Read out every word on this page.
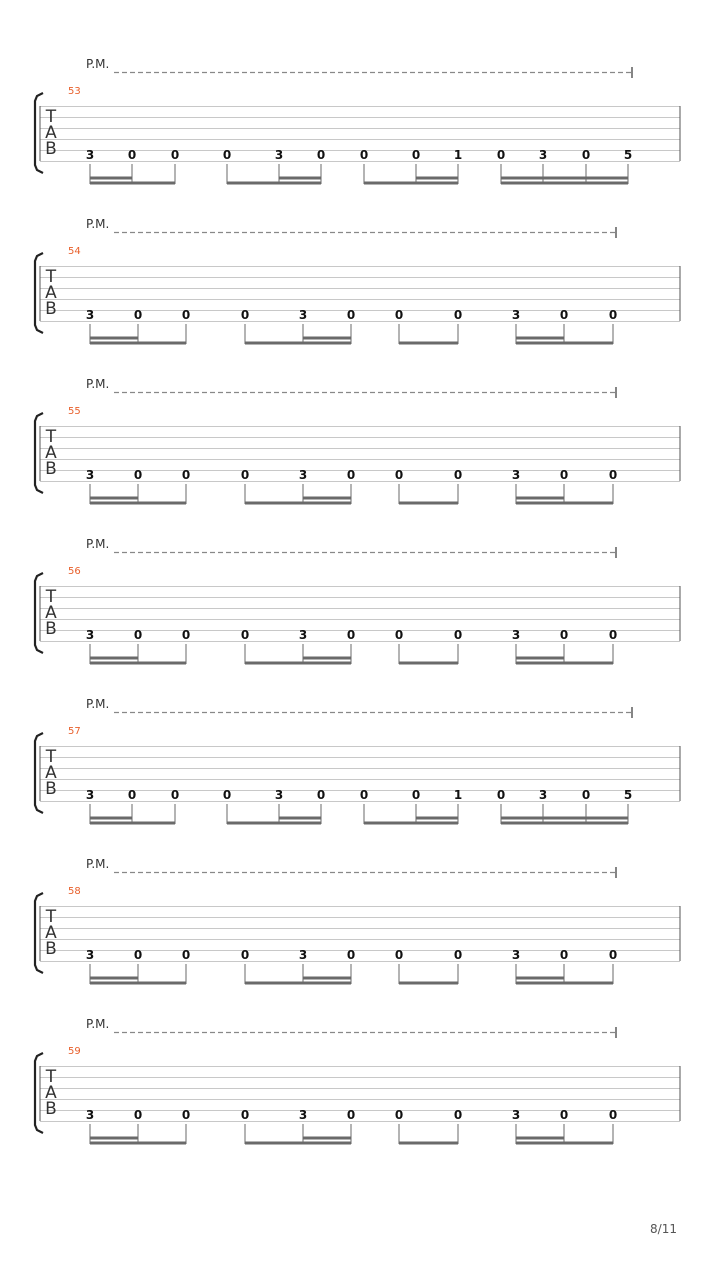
P.M.
53
T
A
B 3	0	0	0	3	0	0	0	1	0	3	0	5
P.M.
54
T
A
B 3	0	0	0	3	0	0	0	3	0	0
P.M.
55
T
A
B 3	0	0	0	3	0	0	0	3	0	0
P.M.
56
T
A
B 3	0	0	0	3	0	0	0	3	0	0
P.M.
57
T
A
B 3	0	0	0	3	0	0	0	1	0	3	0	5
P.M.
58
T
A
B 3	0	0	0	3	0	0	0	3	0	0
P.M.
59
T
A
B 3	0	0	0	3	0	0	0	3	0	0
8/11
